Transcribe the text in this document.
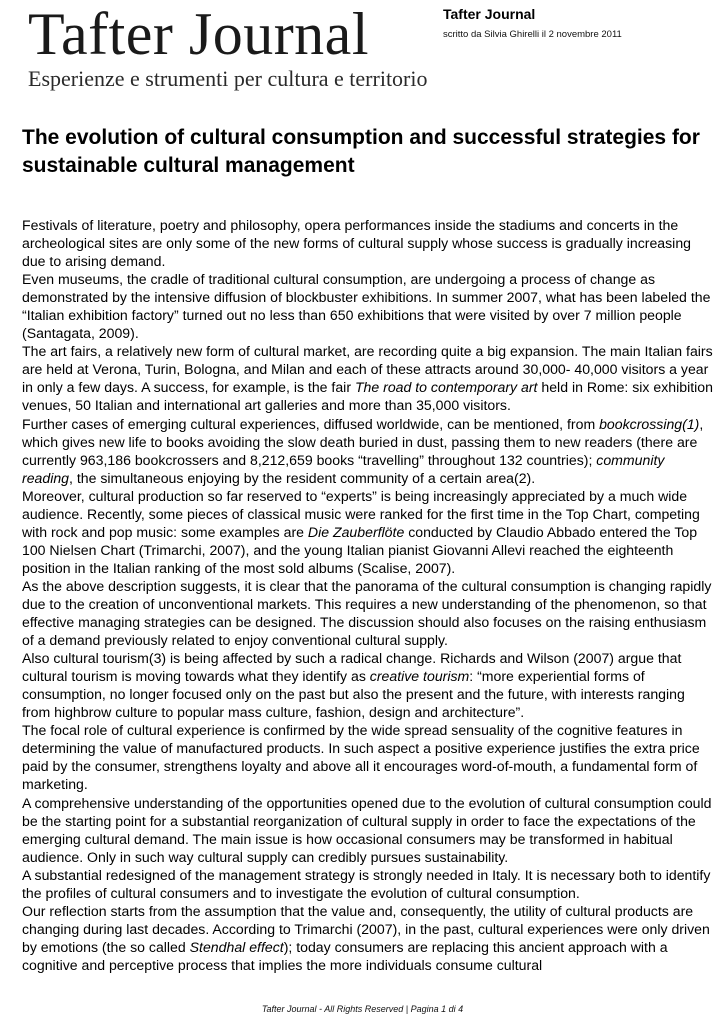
Tafter Journal
Esperienze e strumenti per cultura e territorio
Tafter Journal
scritto da Silvia Ghirelli il 2 novembre 2011
The evolution of cultural consumption and successful strategies for sustainable cultural management

Festivals of literature, poetry and philosophy, opera performances inside the stadiums and concerts in the archeological sites are only some of the new forms of cultural supply whose success is gradually increasing due to arising demand.

Even museums, the cradle of traditional cultural consumption, are undergoing a process of change as demonstrated by the intensive diffusion of blockbuster exhibitions. In summer 2007, what has been labeled the “Italian exhibition factory” turned out no less than 650 exhibitions that were visited by over 7 million people (Santagata, 2009).

The art fairs, a relatively new form of cultural market, are recording quite a big expansion. The main Italian fairs are held at Verona, Turin, Bologna, and Milan and each of these attracts around 30,000- 40,000 visitors a year in only a few days. A success, for example, is the fair The road to contemporary art held in Rome: six exhibition venues, 50 Italian and international art galleries and more than 35,000 visitors.

Further cases of emerging cultural experiences, diffused worldwide, can be mentioned, from bookcrossing(1), which gives new life to books avoiding the slow death buried in dust, passing them to new readers (there are currently 963,186 bookcrossers and 8,212,659 books “travelling” throughout 132 countries); community reading, the simultaneous enjoying by the resident community of a certain area(2).

Moreover, cultural production so far reserved to “experts” is being increasingly appreciated by a much wide audience. Recently, some pieces of classical music were ranked for the first time in the Top Chart, competing with rock and pop music: some examples are Die Zauberflöte conducted by Claudio Abbado entered the Top 100 Nielsen Chart (Trimarchi, 2007), and the young Italian pianist Giovanni Allevi reached the eighteenth position in the Italian ranking of the most sold albums (Scalise, 2007).

As the above description suggests, it is clear that the panorama of the cultural consumption is changing rapidly due to the creation of unconventional markets. This requires a new understanding of the phenomenon, so that effective managing strategies can be designed. The discussion should also focuses on the raising enthusiasm of a demand previously related to enjoy conventional cultural supply.

Also cultural tourism(3) is being affected by such a radical change. Richards and Wilson (2007) argue that cultural tourism is moving towards what they identify as creative tourism: “more experiential forms of consumption, no longer focused only on the past but also the present and the future, with interests ranging from highbrow culture to popular mass culture, fashion, design and architecture”.

The focal role of cultural experience is confirmed by the wide spread sensuality of the cognitive features in determining the value of manufactured products. In such aspect a positive experience justifies the extra price paid by the consumer, strengthens loyalty and above all it encourages word-of-mouth, a fundamental form of marketing.

A comprehensive understanding of the opportunities opened due to the evolution of cultural consumption could be the starting point for a substantial reorganization of cultural supply in order to face the expectations of the emerging cultural demand. The main issue is how occasional consumers may be transformed in habitual audience. Only in such way cultural supply can credibly pursues sustainability.

A substantial redesigned of the management strategy is strongly needed in Italy. It is necessary both to identify the profiles of cultural consumers and to investigate the evolution of cultural consumption.

Our reflection starts from the assumption that the value and, consequently, the utility of cultural products are changing during last decades. According to Trimarchi (2007), in the past, cultural experiences were only driven by emotions (the so called Stendhal effect); today consumers are replacing this ancient approach with a cognitive and perceptive process that implies the more individuals consume cultural

Tafter Journal - All Rights Reserved | Pagina 1 di 4
